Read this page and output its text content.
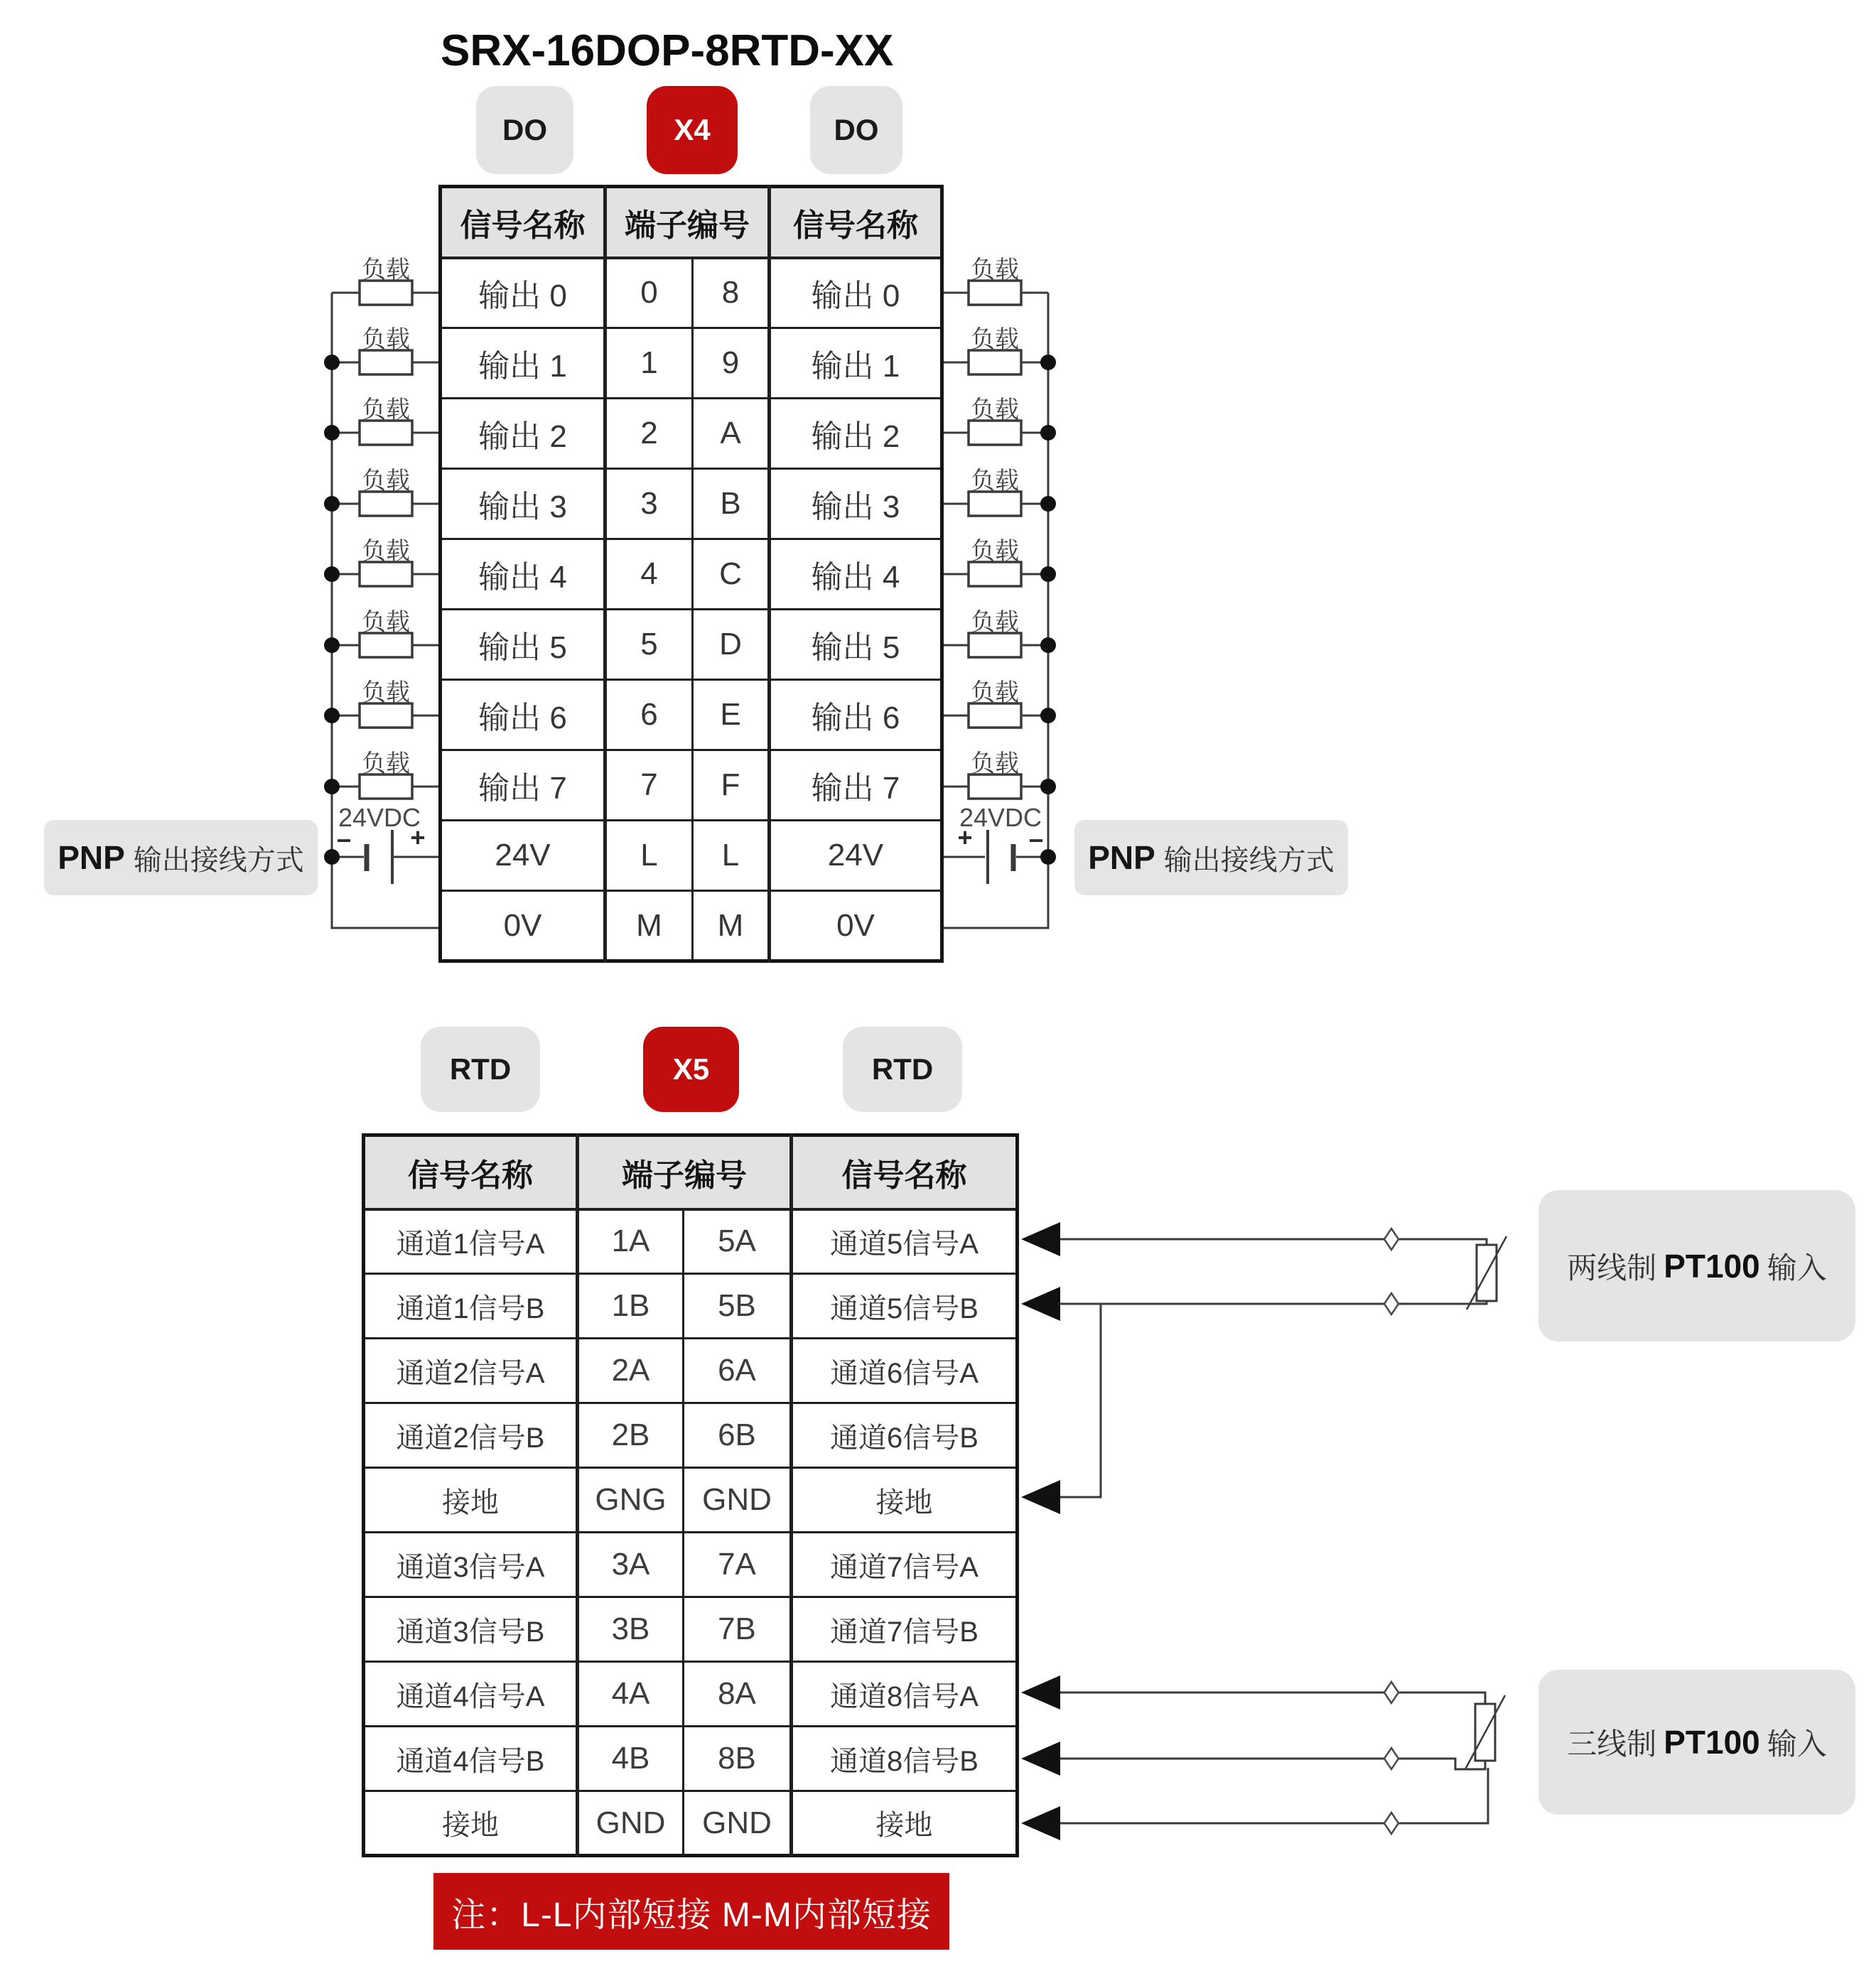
SRX-16DOP-8RTD-XX
DO	X4	DO
负载
负载
负载
负载
负载
负载
负载
负载
负载
负载
负载
负载
负载
负载
负载
负载
24VDC	24VDC
−	+	+	−
PNP 输出接线方式	PNP 输出接线方式
信号名称	端子编号		信号名称
输出 0	0	8	输出 0
输出 1	1	9	输出 1
输出 2	2	A	输出 2
输出 3	3	B	输出 3
输出 4	4	C	输出 4
输出 5	5	D	输出 5
输出 6	6	E	输出 6
输出 7	7	F	输出 7
24V	L	L	24V
0V	M	M	0V
RTD	X5	RTD
信号名称	端子编号		信号名称
通道1信号A	1A	5A	通道5信号A
通道1信号B	1B	5B	通道5信号B
通道2信号A	2A	6A	通道6信号A
通道2信号B	2B	6B	通道6信号B
接地	GNG	GND	接地
通道3信号A	3A	7A	通道7信号A
通道3信号B	3B	7B	通道7信号B
通道4信号A	4A	8A	通道8信号A
通道4信号B	4B	8B	通道8信号B
接地	GND	GND	接地
两线制 PT100 输入
三线制 PT100 输入
注：L-L内部短接 M-M内部短接
